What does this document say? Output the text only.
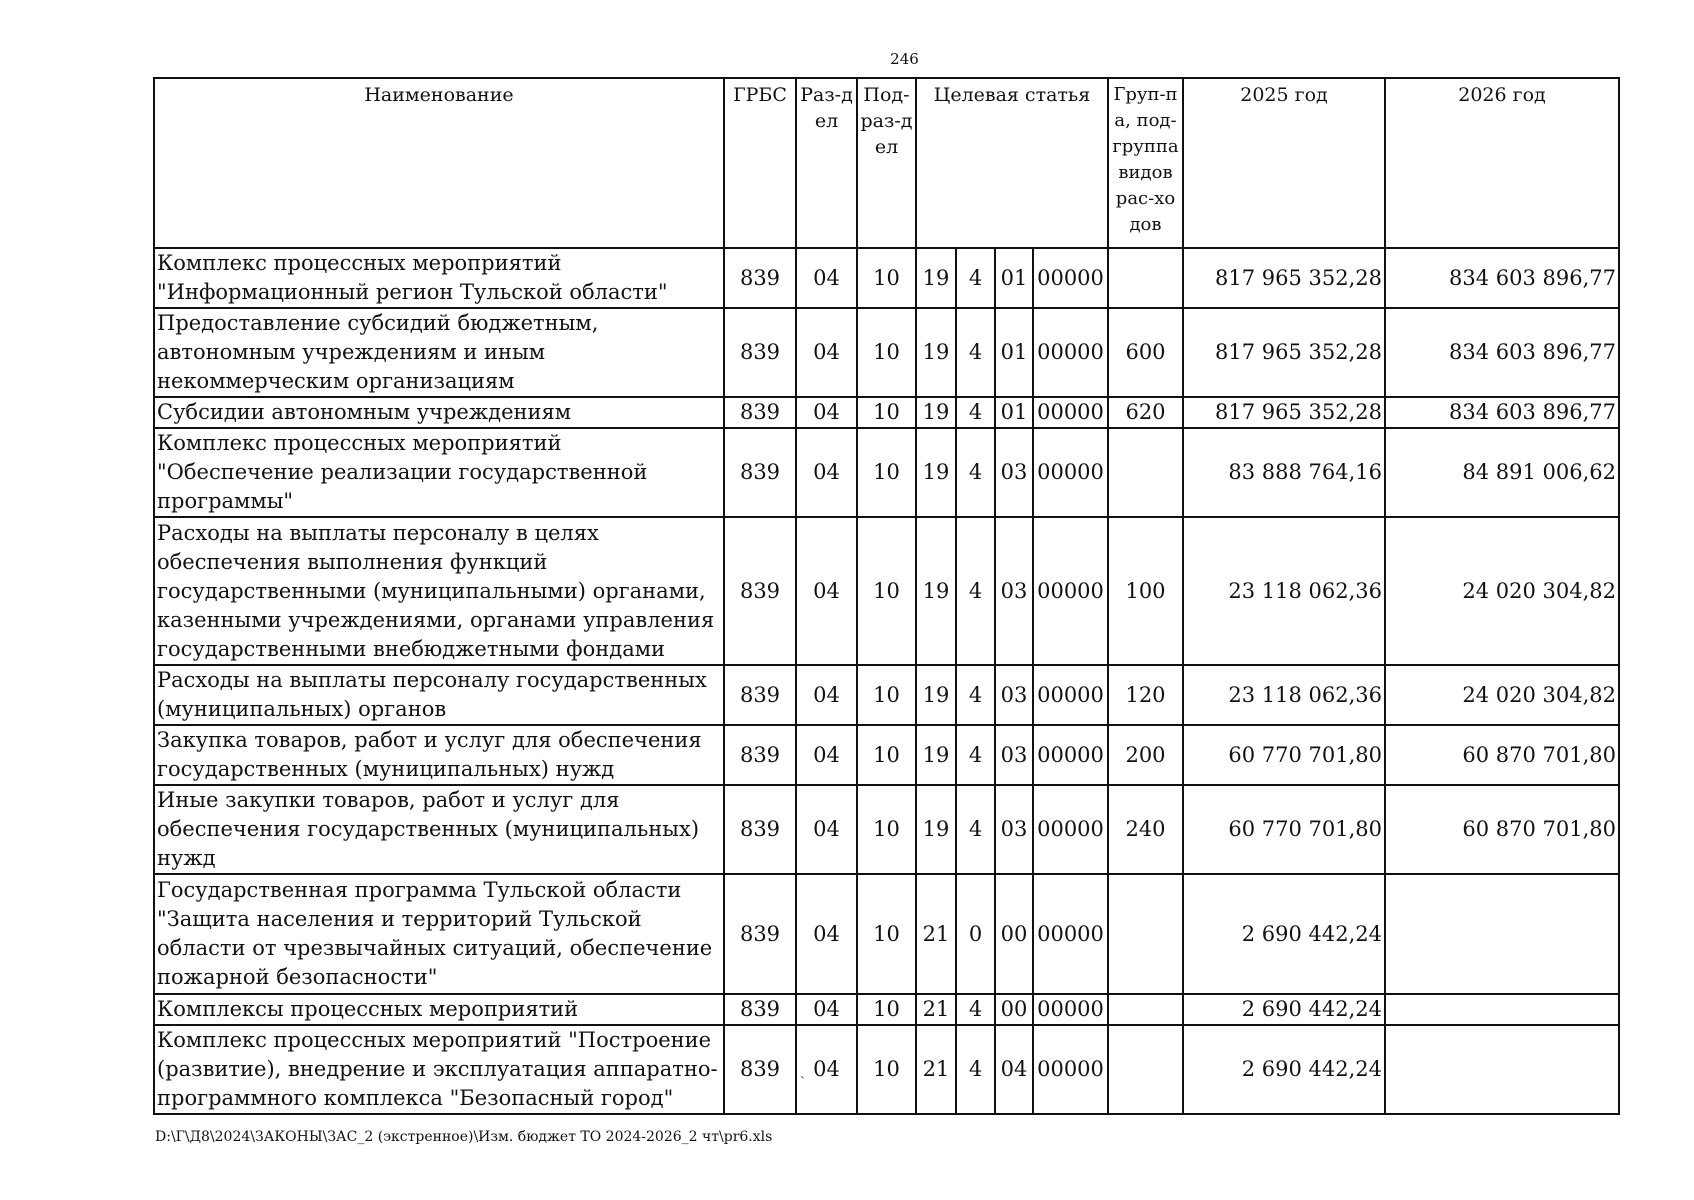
246
Наименование	ГРБС	Раз-дел	Под-раз-дел	Целевая статья				Груп-па, под-группа видов рас-ходов	2025 год	2026 год
Комплекс процессных мероприятий "Информационный регион Тульской области"	839	04	10	19	4	01	00000		817 965 352,28	834 603 896,77
Предоставление субсидий бюджетным, автономным учреждениям и иным некоммерческим организациям	839	04	10	19	4	01	00000	600	817 965 352,28	834 603 896,77
Субсидии автономным учреждениям	839	04	10	19	4	01	00000	620	817 965 352,28	834 603 896,77
Комплекс процессных мероприятий "Обеспечение реализации государственной программы"	839	04	10	19	4	03	00000		83 888 764,16	84 891 006,62
Расходы на выплаты персоналу в целях обеспечения выполнения функций государственными (муниципальными) органами, казенными учреждениями, органами управления государственными внебюджетными фондами	839	04	10	19	4	03	00000	100	23 118 062,36	24 020 304,82
Расходы на выплаты персоналу государственных (муниципальных) органов	839	04	10	19	4	03	00000	120	23 118 062,36	24 020 304,82
Закупка товаров, работ и услуг для обеспечения государственных (муниципальных) нужд	839	04	10	19	4	03	00000	200	60 770 701,80	60 870 701,80
Иные закупки товаров, работ и услуг для обеспечения государственных (муниципальных) нужд	839	04	10	19	4	03	00000	240	60 770 701,80	60 870 701,80
Государственная программа Тульской области "Защита населения и территорий Тульской области от чрезвычайных ситуаций, обеспечение пожарной безопасности"	839	04	10	21	0	00	00000		2 690 442,24	
Комплексы процессных мероприятий	839	04	10	21	4	00	00000		2 690 442,24	
Комплекс процессных мероприятий "Построение (развитие), внедрение и эксплуатация аппаратно-программного комплекса "Безопасный город"	839	04	10	21	4	04	00000		2 690 442,24	
`
D:\Г\Д8\2024\ЗАКОНЫ\ЗАС_2 (экстренное)\Изм. бюджет ТО 2024-2026_2 чт\pr6.xls
